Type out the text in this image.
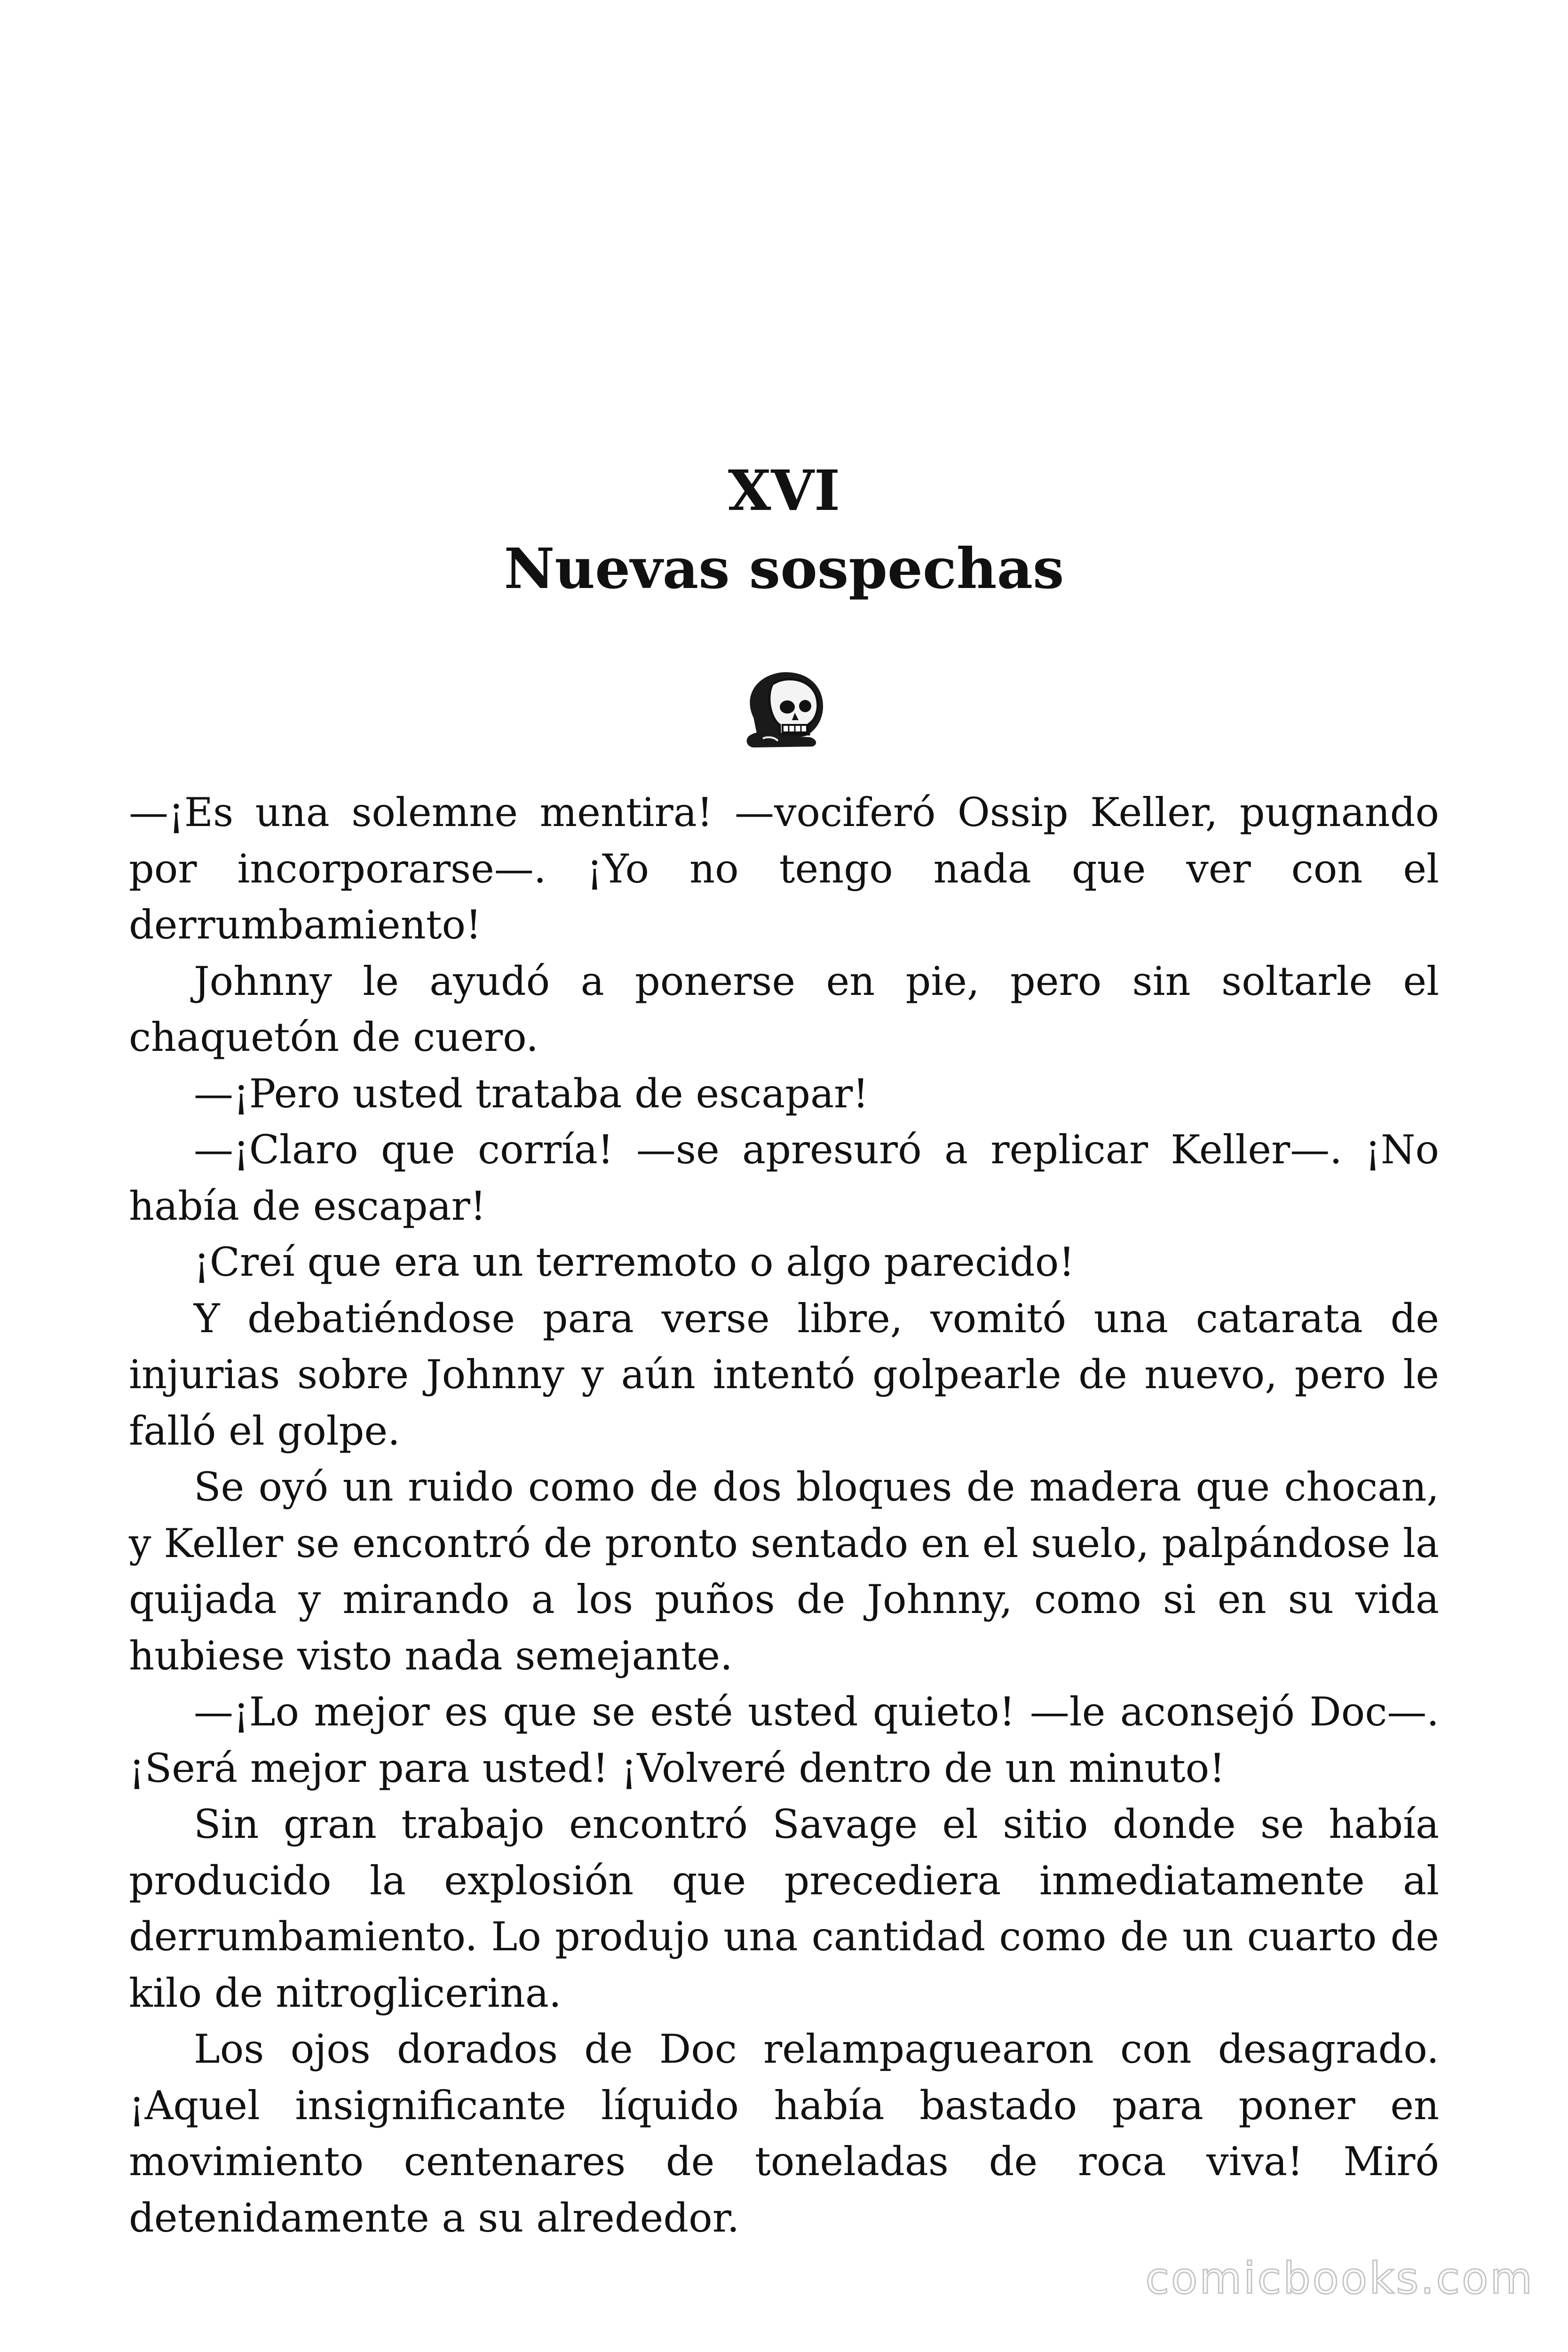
XVI
Nuevas sospechas

—¡Es una solemne mentira! —vociferó Ossip Keller, pugnando por incorporarse—. ¡Yo no tengo nada que ver con el derrumbamiento!

Johnny le ayudó a ponerse en pie, pero sin soltarle el chaquetón de cuero.

—¡Pero usted trataba de escapar!

—¡Claro que corría! —se apresuró a replicar Keller—. ¡No había de escapar!

¡Creí que era un terremoto o algo parecido!

Y debatiéndose para verse libre, vomitó una catarata de injurias sobre Johnny y aún intentó golpearle de nuevo, pero le falló el golpe.

Se oyó un ruido como de dos bloques de madera que chocan, y Keller se encontró de pronto sentado en el suelo, palpándose la quijada y mirando a los puños de Johnny, como si en su vida hubiese visto nada semejante.

—¡Lo mejor es que se esté usted quieto! —le aconsejó Doc—. ¡Será mejor para usted! ¡Volveré dentro de un minuto!

Sin gran trabajo encontró Savage el sitio donde se había producido la explosión que precediera inmediatamente al derrumbamiento. Lo produjo una cantidad como de un cuarto de kilo de nitroglicerina.

Los ojos dorados de Doc relampaguearon con desagrado. ¡Aquel insignificante líquido había bastado para poner en movimiento centenares de toneladas de roca viva! Miró detenidamente a su alrededor.

comicbooks.com
